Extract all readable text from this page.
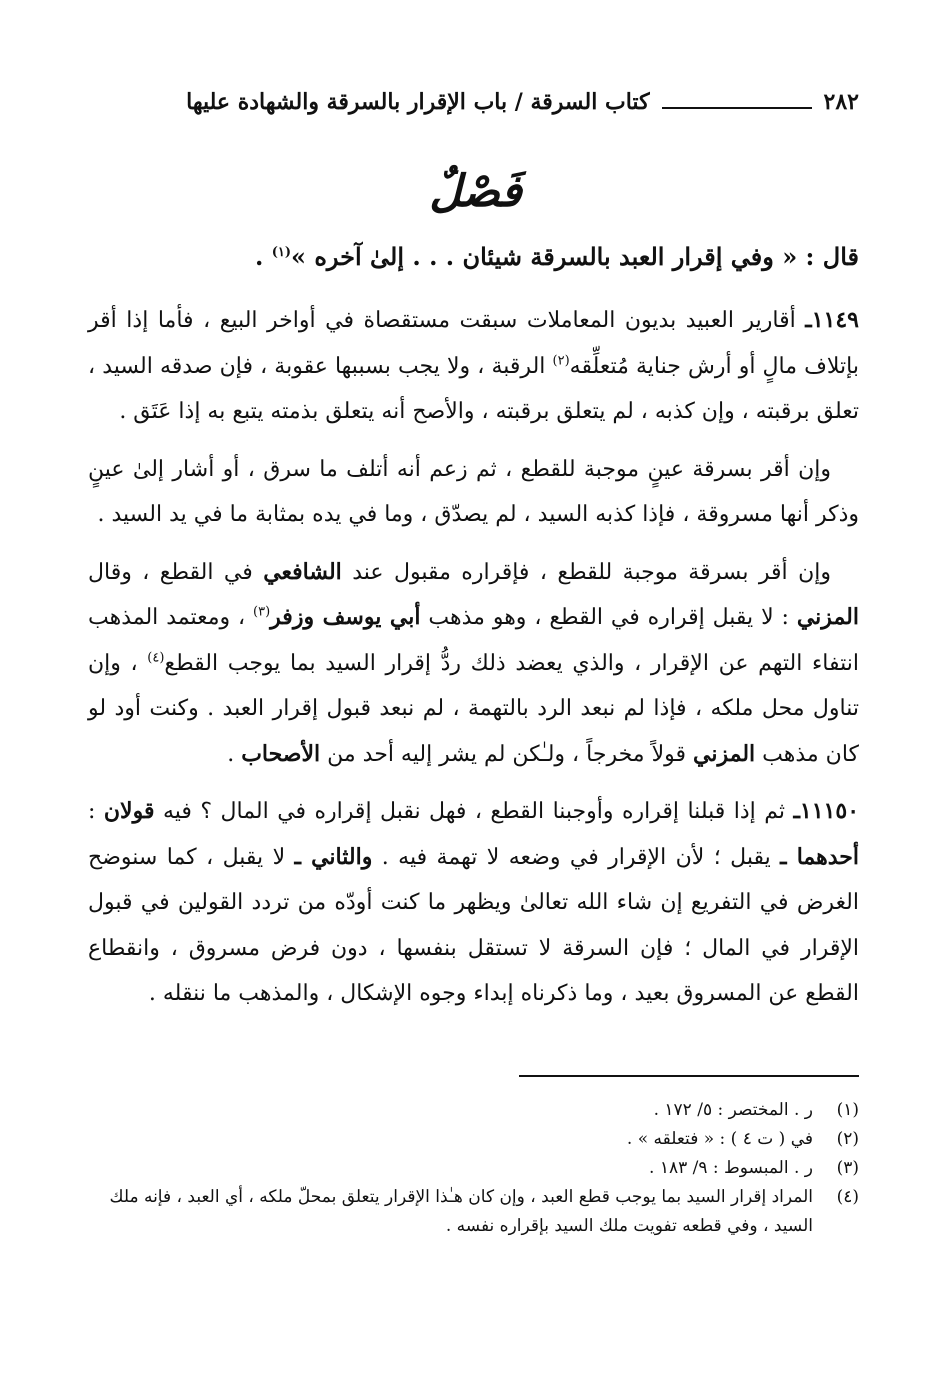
٢٨٢
كتاب السرقة / باب الإقرار بالسرقة والشهادة عليها
فَصْلٌ
قال : « وفي إقرار العبد بالسرقة شيئان . . . إلىٰ آخره »$^{(١)}$ .

١١٤٩ـ أقارير العبيد بديون المعاملات سبقت مستقصاة في أواخر البيع ، فأما إذا أقر بإتلاف مالٍ أو أرش جناية مُتعلِّقه$^{(٢)}$ الرقبة ، ولا يجب بسببها عقوبة ، فإن صدقه السيد ، تعلق برقبته ، وإن كذبه ، لم يتعلق برقبته ، والأصح أنه يتعلق بذمته يتبع به إذا عَتَق .

وإن أقر بسرقة عينٍ موجبة للقطع ، ثم زعم أنه أتلف ما سرق ، أو أشار إلىٰ عينٍ وذكر أنها مسروقة ، فإذا كذبه السيد ، لم يصدّق ، وما في يده بمثابة ما في يد السيد .

وإن أقر بسرقة موجبة للقطع ، فإقراره مقبول عند الشافعي في القطع ، وقال المزني : لا يقبل إقراره في القطع ، وهو مذهب أبي يوسف وزفر$^{(٣)}$ ، ومعتمد المذهب انتفاء التهم عن الإقرار ، والذي يعضد ذلك ردُّ إقرار السيد بما يوجب القطع$^{(٤)}$ ، وإن تناول محل ملكه ، فإذا لم نبعد الرد بالتهمة ، لم نبعد قبول إقرار العبد . وكنت أود لو كان مذهب المزني قولاً مخرجاً ، ولـٰكن لم يشر إليه أحد من الأصحاب .

١١١٥٠ـ ثم إذا قبلنا إقراره وأوجبنا القطع ، فهل نقبل إقراره في المال ؟ فيه قولان : أحدهما ـ يقبل ؛ لأن الإقرار في وضعه لا تهمة فيه . والثاني ـ لا يقبل ، كما سنوضح الغرض في التفريع إن شاء الله تعالىٰ ويظهر ما كنت أودّه من تردد القولين في قبول الإقرار في المال ؛ فإن السرقة لا تستقل بنفسها ، دون فرض مسروق ، وانقطاع القطع عن المسروق بعيد ، وما ذكرناه إبداء وجوه الإشكال ، والمذهب ما ننقله .

(١)
ر . المختصر : ٥/ ١٧٢ .
(٢)
في ( ت ٤ ) : « فتعلقه » .
(٣)
ر . المبسوط : ٩/ ١٨٣ .
(٤)
المراد إقرار السيد بما يوجب قطع العبد ، وإن كان هـٰذا الإقرار يتعلق بمحلّ ملكه ، أي العبد ، فإنه ملك السيد ، وفي قطعه تفويت ملك السيد بإقراره نفسه .
